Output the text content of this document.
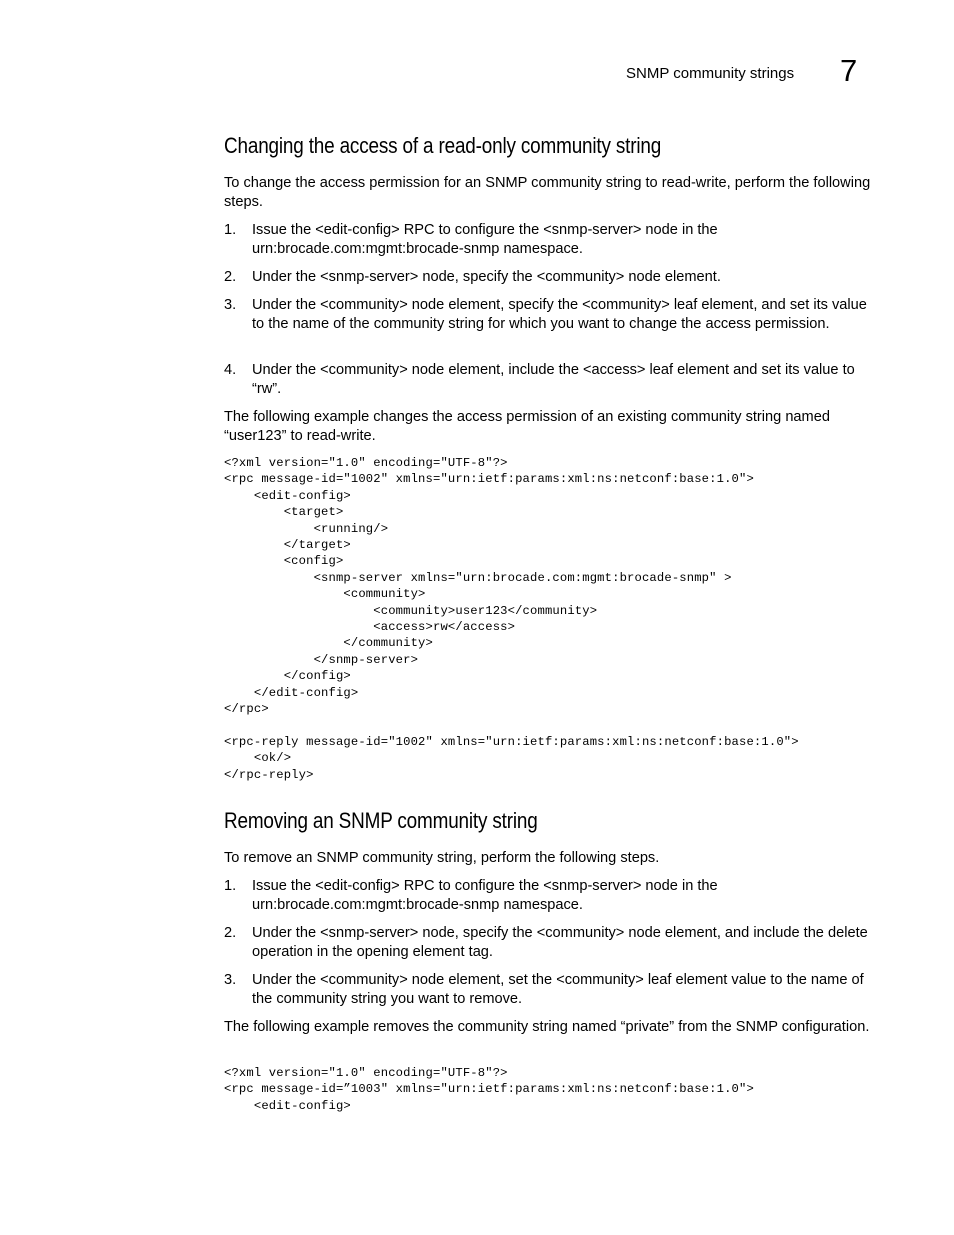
SNMP community strings 7
Changing the access of a read-only community string
To change the access permission for an SNMP community string to read-write, perform the following steps.
1. Issue the <edit-config> RPC to configure the <snmp-server> node in the urn:brocade.com:mgmt:brocade-snmp namespace.
2. Under the <snmp-server> node, specify the <community> node element.
3. Under the <community> node element, specify the <community> leaf element, and set its value to the name of the community string for which you want to change the access permission.
4. Under the <community> node element, include the <access> leaf element and set its value to “rw”.
The following example changes the access permission of an existing community string named “user123” to read-write.
<?xml version="1.0" encoding="UTF-8"?>
<rpc message-id="1002" xmlns="urn:ietf:params:xml:ns:netconf:base:1.0">
<edit-config>
<target>
<running/>
</target>
<config>
<snmp-server xmlns="urn:brocade.com:mgmt:brocade-snmp" >
<community>
<community>user123</community>
<access>rw</access>
</community>
</snmp-server>
</config>
</edit-config>
</rpc>

<rpc-reply message-id="1002" xmlns="urn:ietf:params:xml:ns:netconf:base:1.0">
<ok/>
</rpc-reply>
Removing an SNMP community string
To remove an SNMP community string, perform the following steps.
1. Issue the <edit-config> RPC to configure the <snmp-server> node in the urn:brocade.com:mgmt:brocade-snmp namespace.
2. Under the <snmp-server> node, specify the <community> node element, and include the delete operation in the opening element tag.
3. Under the <community> node element, set the <community> leaf element value to the name of the community string you want to remove.
The following example removes the community string named “private” from the SNMP configuration.
<?xml version="1.0" encoding="UTF-8"?>
<rpc message-id=”1003" xmlns="urn:ietf:params:xml:ns:netconf:base:1.0">
<edit-config>
